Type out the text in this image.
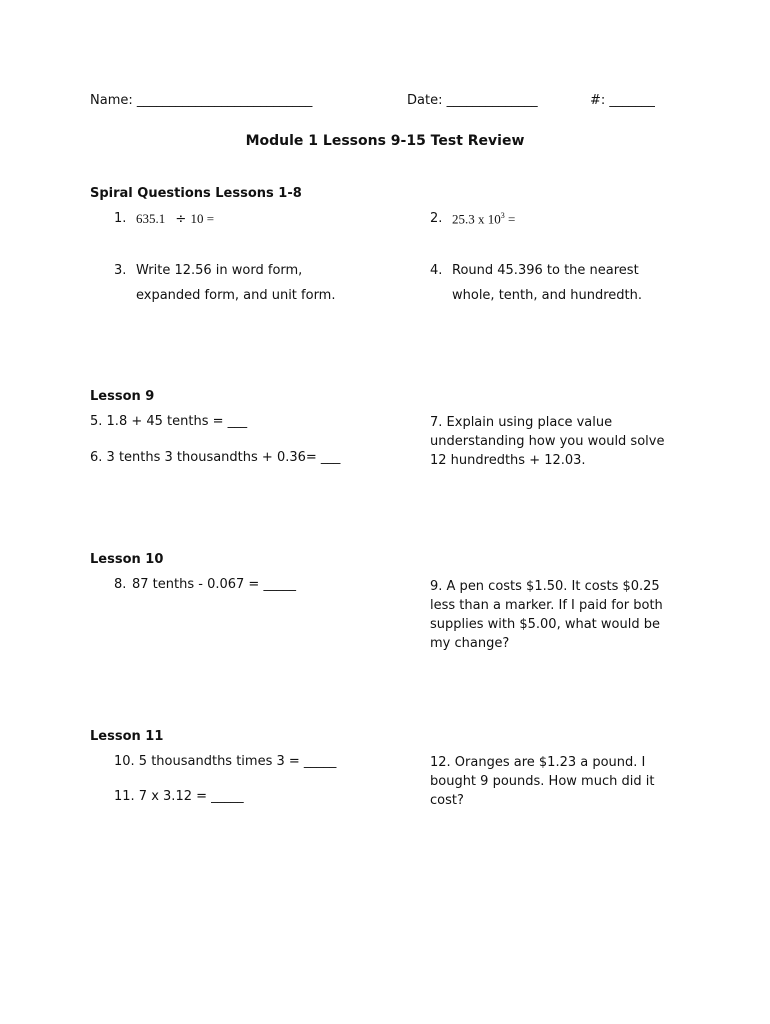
Name: ___________________________	Date: ______________	#: _______
Module 1 Lessons 9-15 Test Review
Spiral Questions Lessons 1-8
1. 635.1 ÷ 10 =	2. 25.3 x $10^3$ =
3. Write 12.56 in word form,
expanded form, and unit form.
4. Round 45.396 to the nearest
whole, tenth, and hundredth.
Lesson 9
5. 1.8 + 45 tenths = ___
6. 3 tenths 3 thousandths + 0.36= ___
7. Explain using place value understanding how you would solve 12 hundredths + 12.03.
Lesson 10
8. 87 tenths - 0.067 = _____	9. A pen costs $1.50. It costs $0.25 less than a marker. If I paid for both supplies with $5.00, what would be my change?
Lesson 11
10. 5 thousandths times 3 = _____
11. 7 x 3.12 = _____
12. Oranges are $1.23 a pound. I bought 9 pounds. How much did it cost?
